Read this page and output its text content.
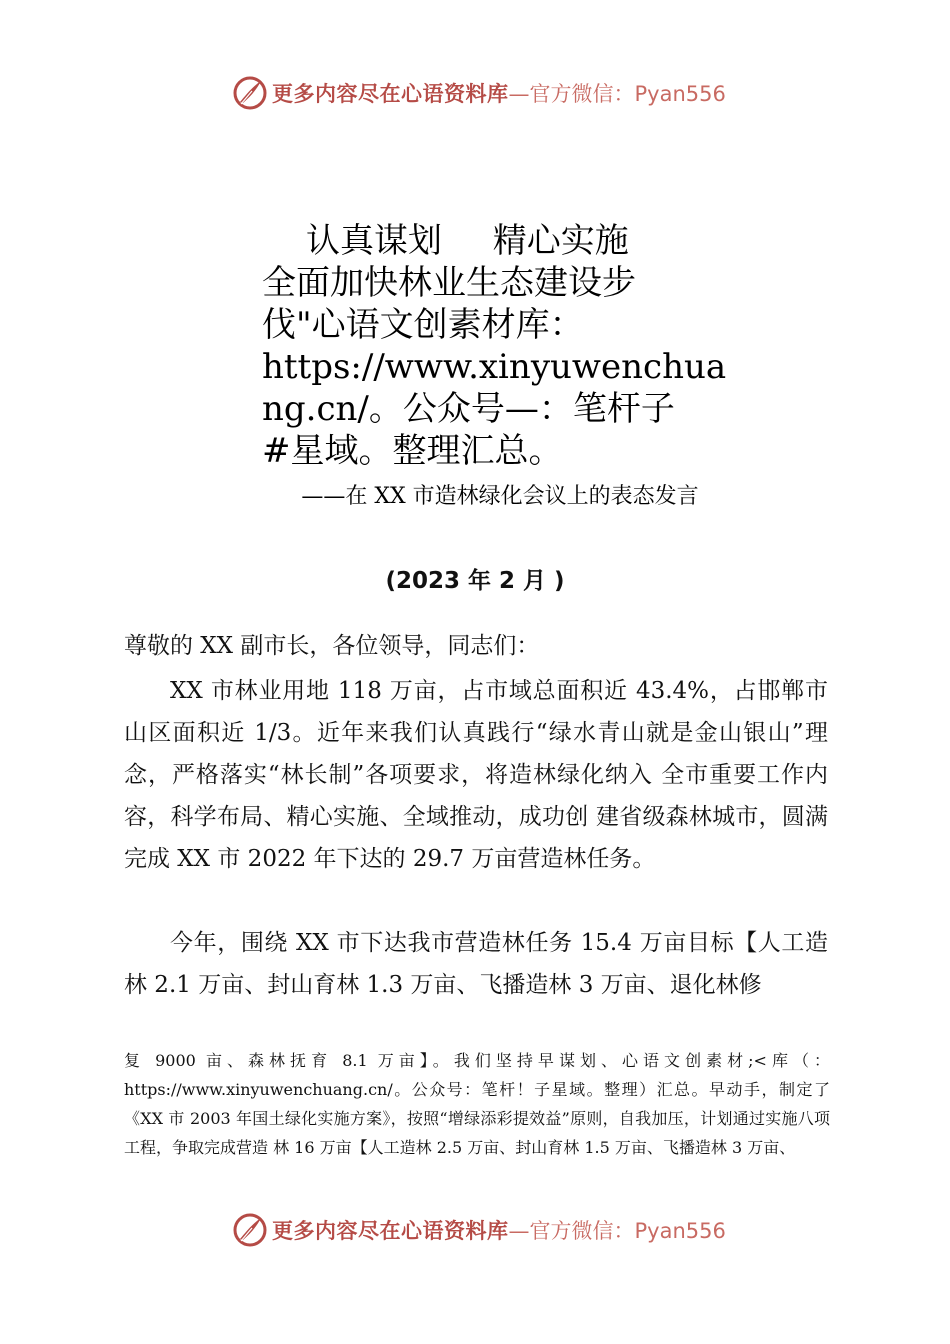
更多内容尽在心语资料库 —官方微信：Pyan556
认真谋划 精心实施
全面加快林业生态建设步
伐"心语文创素材库：
https://www.xinyuwenchua
ng.cn/。公众号—：笔杆子
#星域。整理汇总。
——在 XX 市造林绿化会议上的表态发言
(2023 年 2 月 )
尊敬的 XX 副市长，各位领导，同志们：

XX 市林业用地 118 万亩，占市域总面积近 43.4%，占邯郸市山区面积近 1/3。近年来我们认真践行“绿水青山就是金山银山”理念，严格落实“林长制”各项要求，将造林绿化纳入 全市重要工作内容，科学布局、精心实施、全域推动，成功创 建省级森林城市，圆满完成 XX 市 2022 年下达的 29.7 万亩营造林任务。

今年，围绕 XX 市下达我市营造林任务 15.4 万亩目标【人工造林 2.1 万亩、封山育林 1.3 万亩、飞播造林 3 万亩、退化林修

复 9000 亩、森林抚育 8.1 万亩】。我们坚持早谋划、心语文创素材;<库（：https://www.xinyuwenchuang.cn/。公众号：笔杆！子星域。整理）汇总。早动手，制定了《XX 市 2003 年国土绿化实施方案》，按照“增绿添彩提效益”原则，自我加压，计划通过实施八项工程，争取完成营造 林 16 万亩【人工造林 2.5 万亩、封山育林 1.5 万亩、飞播造林 3 万亩、

更多内容尽在心语资料库 —官方微信：Pyan556
